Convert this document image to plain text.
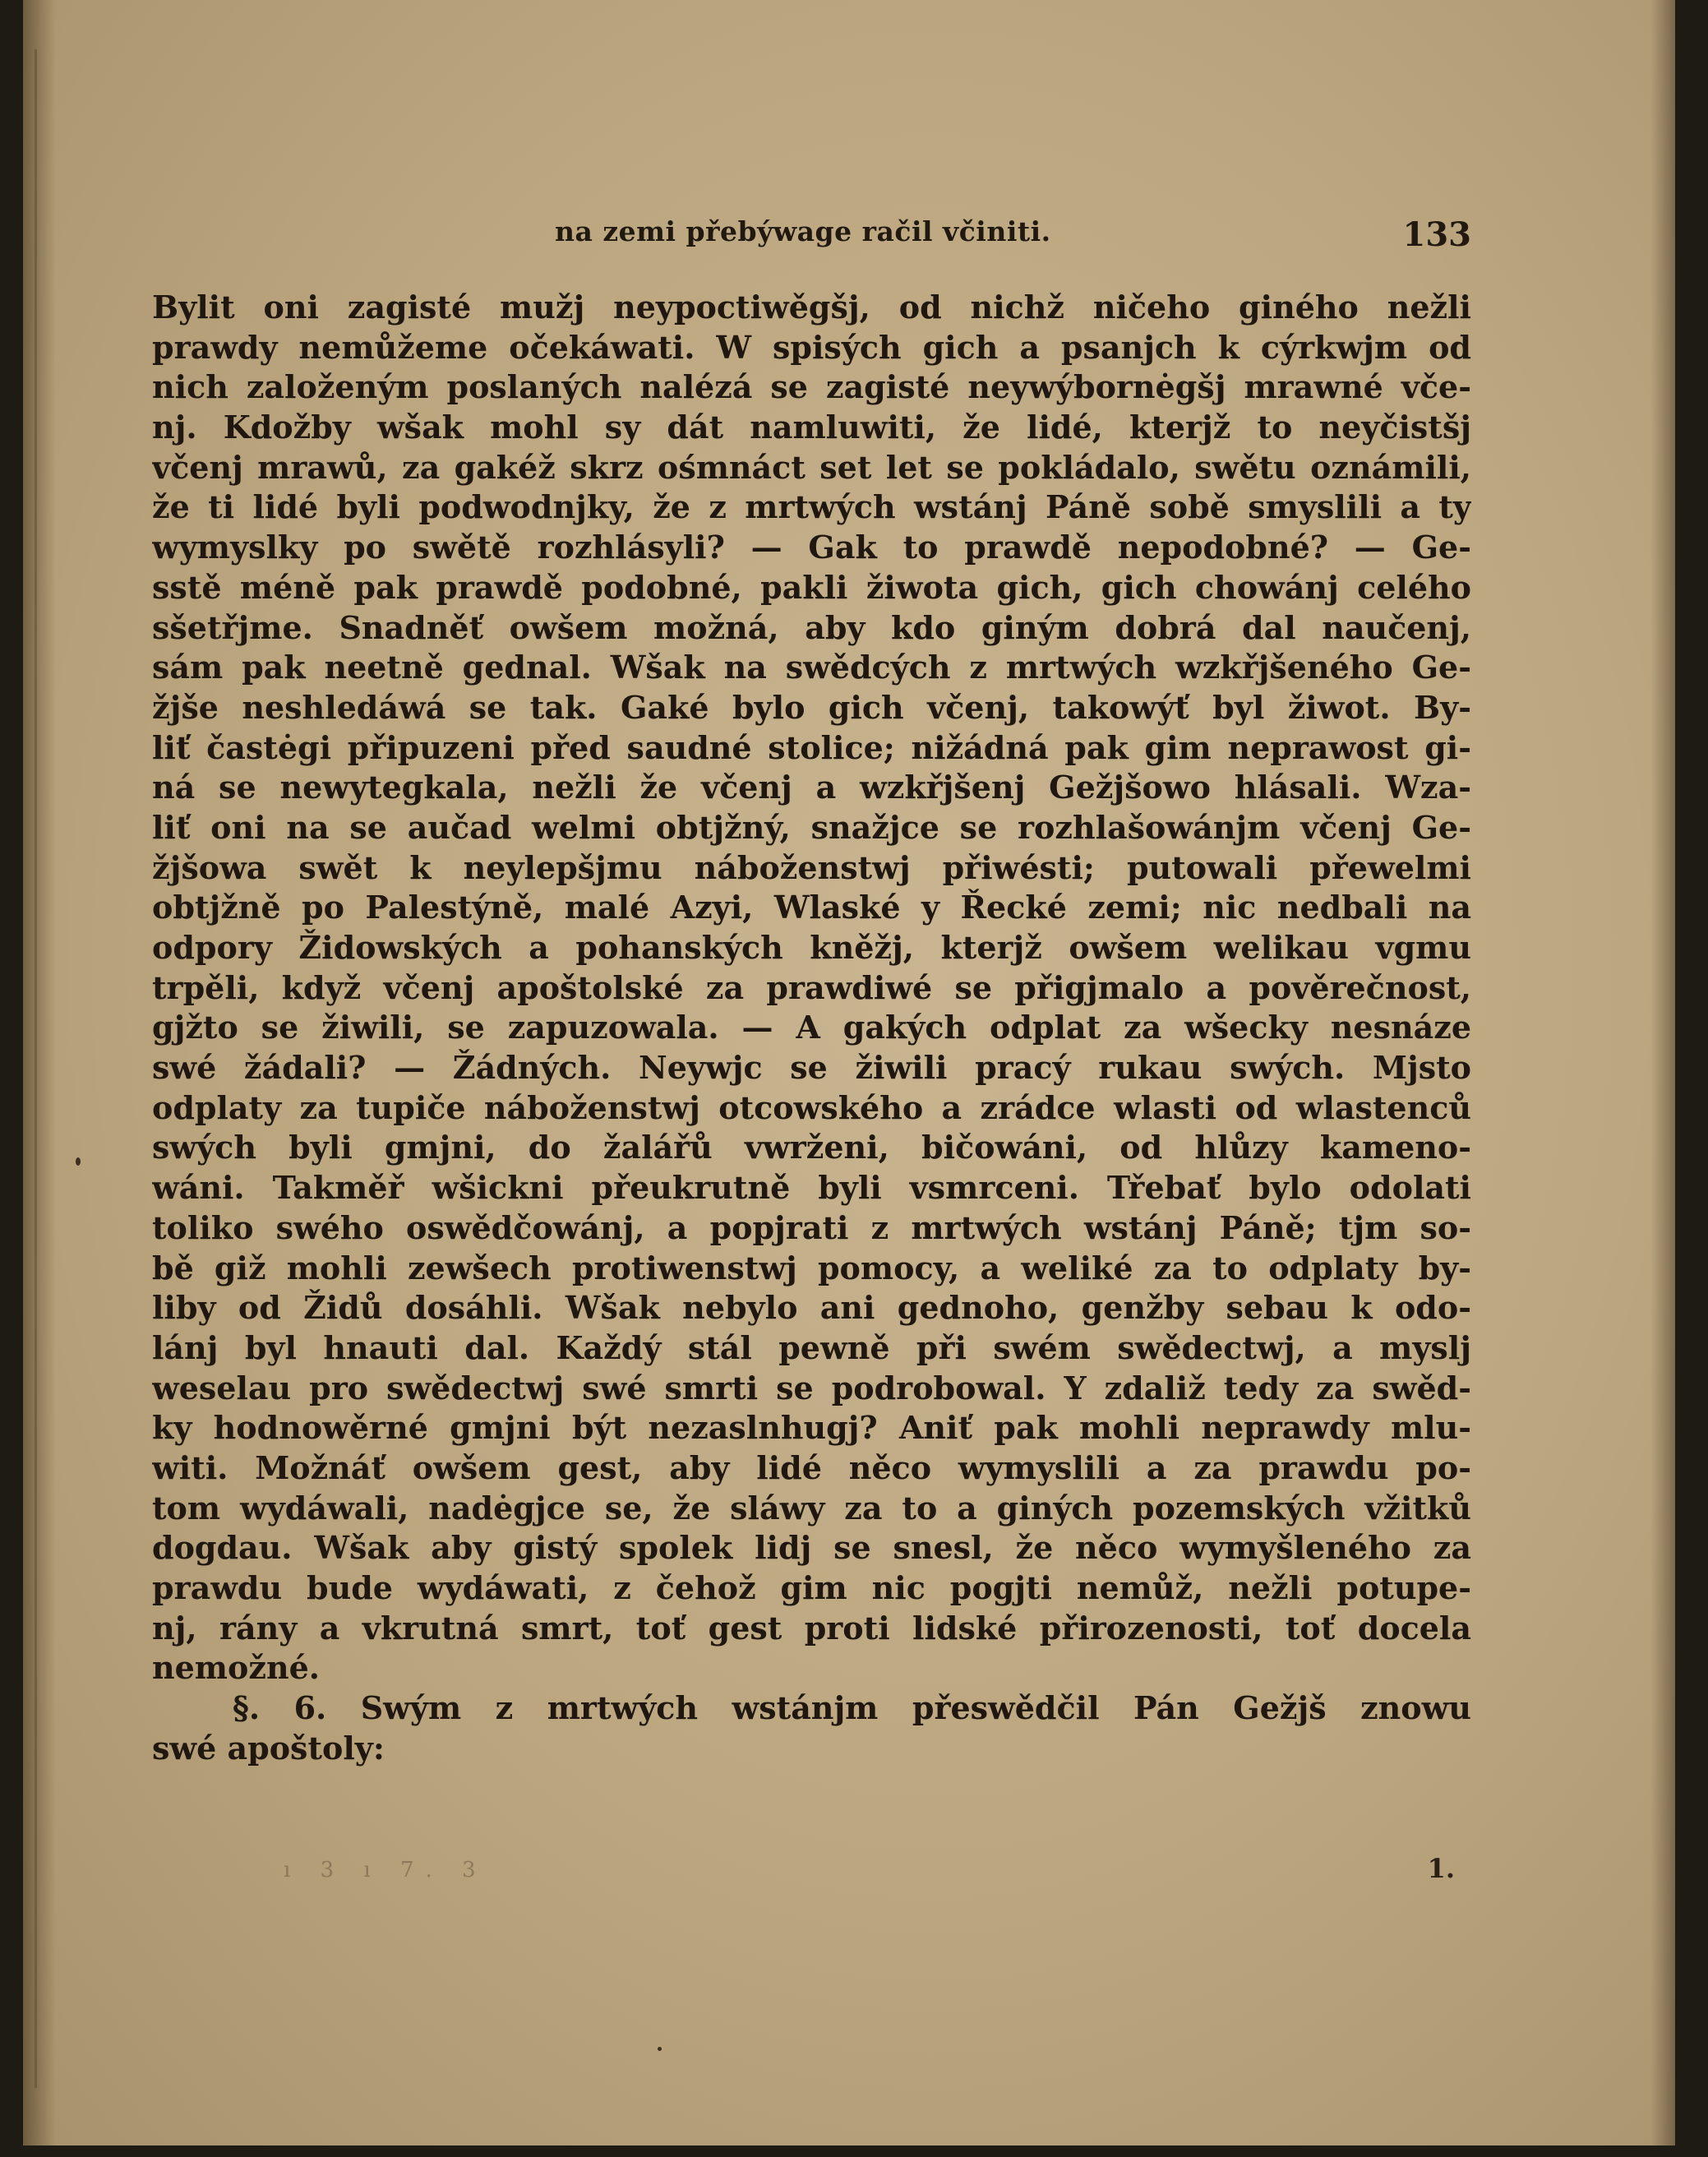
na zemi přebýwage račil včiniti.	133
Bylit oni zagisté mužj neypoctiwěgšj, od nichž ničeho giného nežli
prawdy nemůžeme očekáwati. W spisých gich a psanjch k cýrkwjm od
nich založeným poslaných nalézá se zagisté neywýbornėgšj mrawné vče-
nj. Kdožby wšak mohl sy dát namluwiti, že lidé, kterjž to neyčistšj
včenj mrawů, za gakéž skrz ośmnáct set let se pokládalo, swětu oznámili,
že ti lidé byli podwodnjky, že z mrtwých wstánj Páně sobě smyslili a ty
wymyslky po swětě rozhlásyli? — Gak to prawdě nepodobné? — Ge-
sstě méně pak prawdě podobné, pakli žiwota gich, gich chowánj celého
sšetřjme. Snadněť owšem možná, aby kdo giným dobrá dal naučenj,
sám pak neetně gednal. Wšak na swědcých z mrtwých wzkřjšeného Ge-
žjše neshledáwá se tak. Gaké bylo gich včenj, takowýť byl žiwot. By-
liť častėgi připuzeni před saudné stolice; nižádná pak gim neprawost gi-
ná se newytegkala, nežli že včenj a wzkřjšenj Gežjšowo hlásali. Wza-
liť oni na se aučad welmi obtjžný, snažjce se rozhlašowánjm včenj Ge-
žjšowa swět k neylepšjmu náboženstwj přiwésti; putowali přewelmi
obtjžně po Palestýně, malé Azyi, Wlaské y Řecké zemi; nic nedbali na
odpory Židowských a pohanských kněžj, kterjž owšem welikau vgmu
trpěli, když včenj apoštolské za prawdiwé se přigjmalo a pověrečnost,
gjžto se žiwili, se zapuzowala. — A gakých odplat za wšecky nesnáze
swé žádali? — Žádných. Neywjc se žiwili pracý rukau swých. Mjsto
odplaty za tupiče náboženstwj otcowského a zrádce wlasti od wlastenců
swých byli gmjni, do žalářů vwrženi, bičowáni, od hlůzy kameno-
wáni. Takměř wšickni přeukrutně byli vsmrceni. Třebať bylo odolati
toliko swého oswědčowánj, a popjrati z mrtwých wstánj Páně; tjm so-
bě giž mohli zewšech protiwenstwj pomocy, a weliké za to odplaty by-
liby od Židů dosáhli. Wšak nebylo ani gednoho, genžby sebau k odo-
lánj byl hnauti dal. Každý stál pewně při swém swědectwj, a myslj
weselau pro swědectwj swé smrti se podrobowal. Y zdaliž tedy za swěd-
ky hodnowěrné gmjni být nezaslnhugj? Aniť pak mohli neprawdy mlu-
witi. Možnáť owšem gest, aby lidé něco wymyslili a za prawdu po-
tom wydáwali, nadėgjce se, že sláwy za to a giných pozemských vžitků
dogdau. Wšak aby gistý spolek lidj se snesl, že něco wymyšleného za
prawdu bude wydáwati, z čehož gim nic pogjti nemůž, nežli potupe-
nj, rány a vkrutná smrt, toť gest proti lidské přirozenosti, toť docela
nemožné.
§. 6. Swým z mrtwých wstánjm přeswědčil Pán Gežjš znowu
swé apoštoly:
ı 3 ı 7. 3	1.
